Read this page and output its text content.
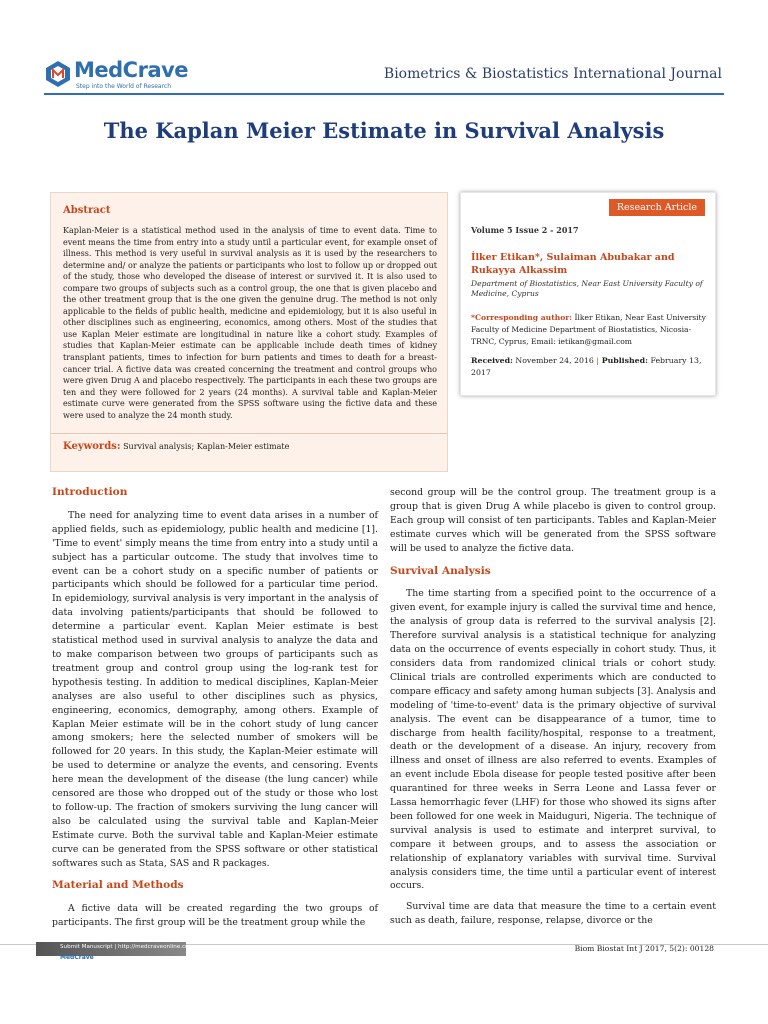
MedCrave
Step into the World of Research
Biometrics & Biostatistics International Journal
The Kaplan Meier Estimate in Survival Analysis
Abstract
Kaplan-Meier is a statistical method used in the analysis of time to event data. Time to event means the time from entry into a study until a particular event, for example onset of illness. This method is very useful in survival analysis as it is used by the researchers to determine and/ or analyze the patients or participants who lost to follow up or dropped out of the study, those who developed the disease of interest or survived it. It is also used to compare two groups of subjects such as a control group, the one that is given placebo and the other treatment group that is the one given the genuine drug. The method is not only applicable to the fields of public health, medicine and epidemiology, but it is also useful in other disciplines such as engineering, economics, among others. Most of the studies that use Kaplan Meier estimate are longitudinal in nature like a cohort study. Examples of studies that Kaplan-Meier estimate can be applicable include death times of kidney transplant patients, times to infection for burn patients and times to death for a breast- cancer trial. A fictive data was created concerning the treatment and control groups who were given Drug A and placebo respectively. The participants in each these two groups are ten and they were followed for 2 years (24 months). A survival table and Kaplan-Meier estimate curve were generated from the SPSS software using the fictive data and these were used to analyze the 24 month study.
Keywords: Survival analysis; Kaplan-Meier estimate
Research Article
Volume 5 Issue 2 - 2017
İlker Etikan*, Sulaiman Abubakar and Rukayya Alkassim
Department of Biostatistics, Near East University Faculty of Medicine, Cyprus
*Corresponding author: İlker Etikan, Near East University Faculty of Medicine Department of Biostatistics, Nicosia-TRNC, Cyprus, Email: ietikan@gmail.com
Received: November 24, 2016 | Published: February 13, 2017
Introduction

The need for analyzing time to event data arises in a number of applied fields, such as epidemiology, public health and medicine [1]. 'Time to event' simply means the time from entry into a study until a subject has a particular outcome. The study that involves time to event can be a cohort study on a specific number of patients or participants which should be followed for a particular time period. In epidemiology, survival analysis is very important in the analysis of data involving patients/participants that should be followed to determine a particular event. Kaplan Meier estimate is best statistical method used in survival analysis to analyze the data and to make comparison between two groups of participants such as treatment group and control group using the log-rank test for hypothesis testing. In addition to medical disciplines, Kaplan-Meier analyses are also useful to other disciplines such as physics, engineering, economics, demography, among others. Example of Kaplan Meier estimate will be in the cohort study of lung cancer among smokers; here the selected number of smokers will be followed for 20 years. In this study, the Kaplan-Meier estimate will be used to determine or analyze the events, and censoring. Events here mean the development of the disease (the lung cancer) while censored are those who dropped out of the study or those who lost to follow-up. The fraction of smokers surviving the lung cancer will also be calculated using the survival table and Kaplan-Meier Estimate curve. Both the survival table and Kaplan-Meier estimate curve can be generated from the SPSS software or other statistical softwares such as Stata, SAS and R packages.

Material and Methods

A fictive data will be created regarding the two groups of participants. The first group will be the treatment group while the

second group will be the control group. The treatment group is a group that is given Drug A while placebo is given to control group. Each group will consist of ten participants. Tables and Kaplan-Meier estimate curves which will be generated from the SPSS software will be used to analyze the fictive data.

Survival Analysis

The time starting from a specified point to the occurrence of a given event, for example injury is called the survival time and hence, the analysis of group data is referred to the survival analysis [2]. Therefore survival analysis is a statistical technique for analyzing data on the occurrence of events especially in cohort study. Thus, it considers data from randomized clinical trials or cohort study. Clinical trials are controlled experiments which are conducted to compare efficacy and safety among human subjects [3]. Analysis and modeling of 'time-to-event' data is the primary objective of survival analysis. The event can be disappearance of a tumor, time to discharge from health facility/hospital, response to a treatment, death or the development of a disease. An injury, recovery from illness and onset of illness are also referred to events. Examples of an event include Ebola disease for people tested positive after been quarantined for three weeks in Serra Leone and Lassa fever or Lassa hemorrhagic fever (LHF) for those who showed its signs after been followed for one week in Maiduguri, Nigeria. The technique of survival analysis is used to estimate and interpret survival, to compare it between groups, and to assess the association or relationship of explanatory variables with survival time. Survival analysis considers time, the time until a particular event of interest occurs.

Survival time are data that measure the time to a certain event such as death, failure, response, relapse, divorce or the

Submit Manuscript | http://medcraveonline.com
MedCrave
Biom Biostat Int J 2017, 5(2): 00128
